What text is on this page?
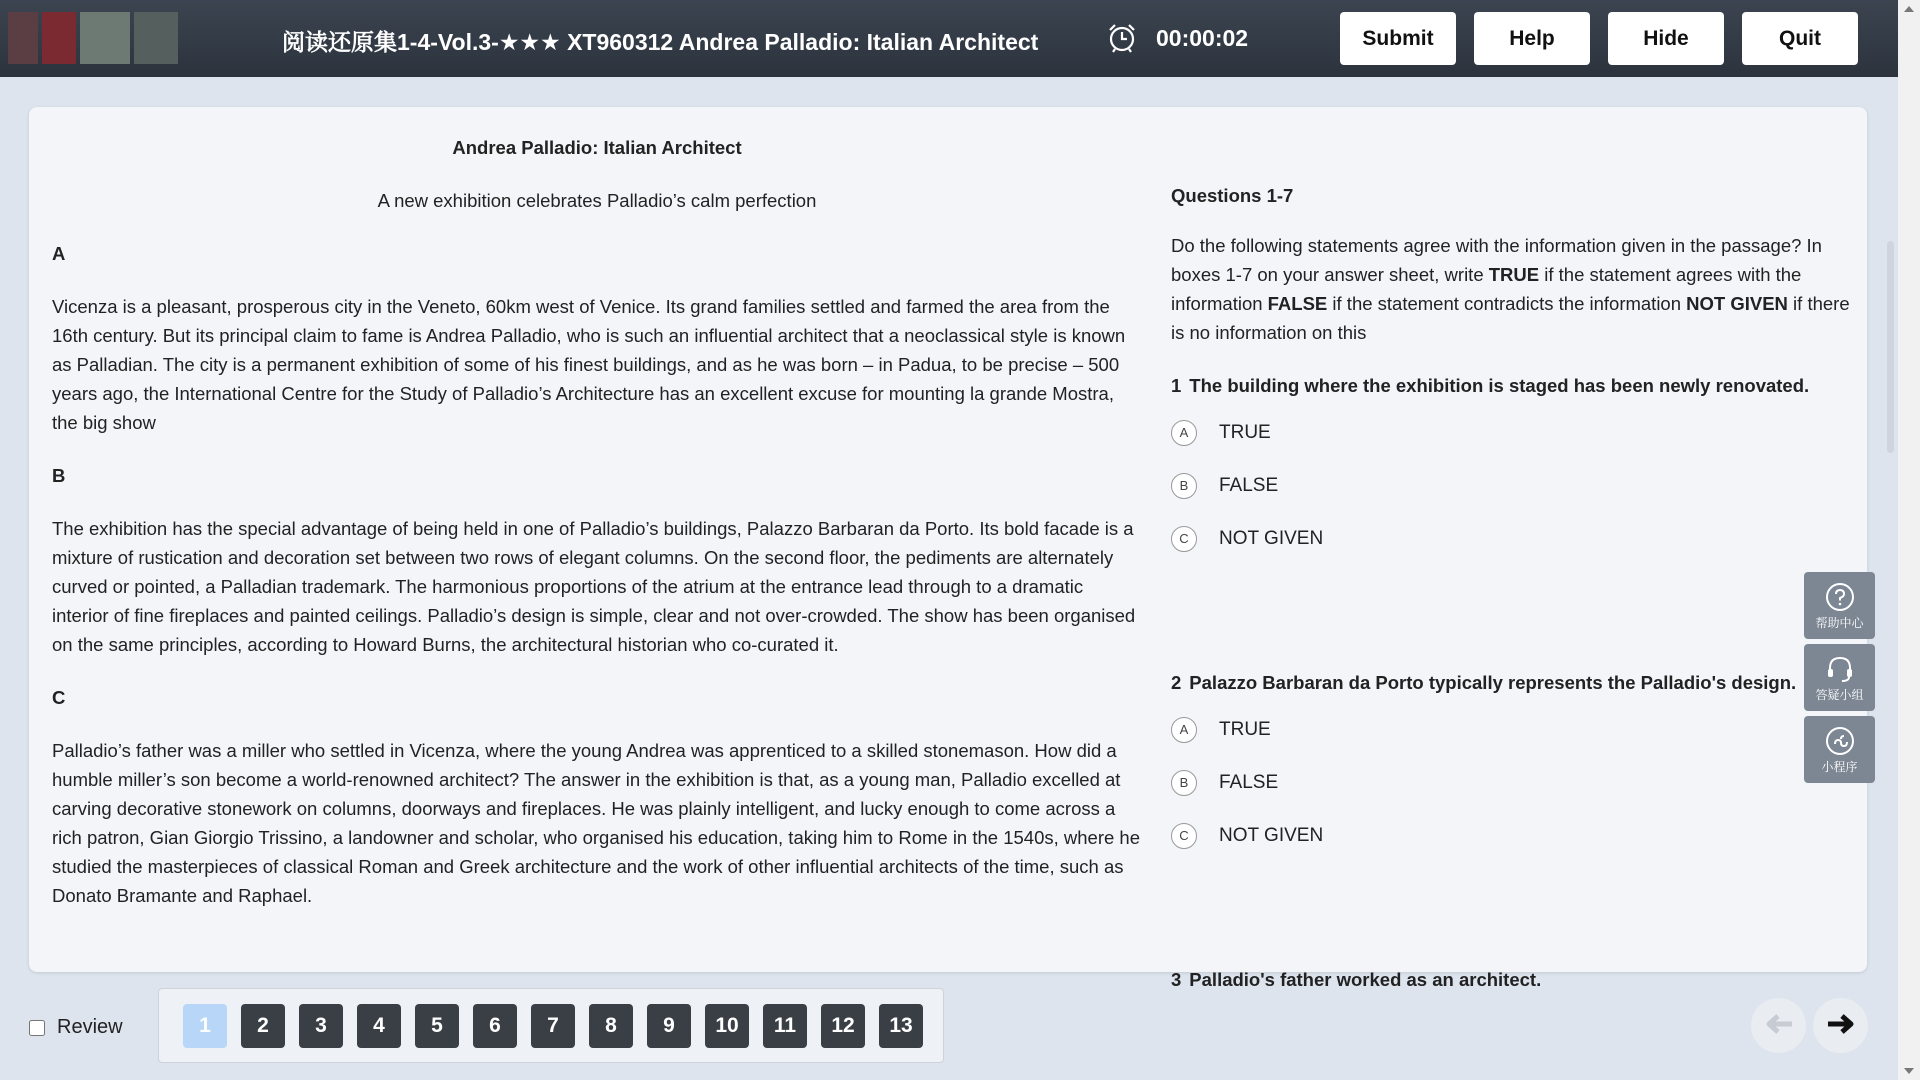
阅读还原集1-4-Vol.3-★★★ XT960312 Andrea Palladio: Italian Architect	00:00:02	Submit	Help	Hide	Quit

Andrea Palladio: Italian Architect

A new exhibition celebrates Palladio’s calm perfection

A

Vicenza is a pleasant, prosperous city in the Veneto, 60km west of Venice. Its grand families settled and farmed the area from the 16th century. But its principal claim to fame is Andrea Palladio, who is such an influential architect that a neoclassical style is known as Palladian. The city is a permanent exhibition of some of his finest buildings, and as he was born – in Padua, to be precise – 500 years ago, the International Centre for the Study of Palladio’s Architecture has an excellent excuse for mounting la grande Mostra, the big show

B

The exhibition has the special advantage of being held in one of Palladio’s buildings, Palazzo Barbaran da Porto. Its bold facade is a mixture of rustication and decoration set between two rows of elegant columns. On the second floor, the pediments are alternately curved or pointed, a Palladian trademark. The harmonious proportions of the atrium at the entrance lead through to a dramatic interior of fine fireplaces and painted ceilings. Palladio’s design is simple, clear and not over-crowded. The show has been organised on the same principles, according to Howard Burns, the architectural historian who co-curated it.

C

Palladio’s father was a miller who settled in Vicenza, where the young Andrea was apprenticed to a skilled stonemason. How did a humble miller’s son become a world-renowned architect? The answer in the exhibition is that, as a young man, Palladio excelled at carving decorative stonework on columns, doorways and fireplaces. He was plainly intelligent, and lucky enough to come across a rich patron, Gian Giorgio Trissino, a landowner and scholar, who organised his education, taking him to Rome in the 1540s, where he studied the masterpieces of classical Roman and Greek architecture and the work of other influential architects of the time, such as Donato Bramante and Raphael.

Questions 1-7
Do the following statements agree with the information given in the passage? In boxes 1-7 on your answer sheet, write TRUE if the statement agrees with the information FALSE if the statement contradicts the information NOT GIVEN if there is no information on this
1 The building where the exhibition is staged has been newly renovated.
A	TRUE
B	FALSE
C	NOT GIVEN
2 Palazzo Barbaran da Porto typically represents the Palladio's design.
A	TRUE
B	FALSE
C	NOT GIVEN
3 Palladio's father worked as an architect.
帮助中心
答疑小组
小程序
Review	1	2	3	4	5	6	7	8	9	10	11	12	13
